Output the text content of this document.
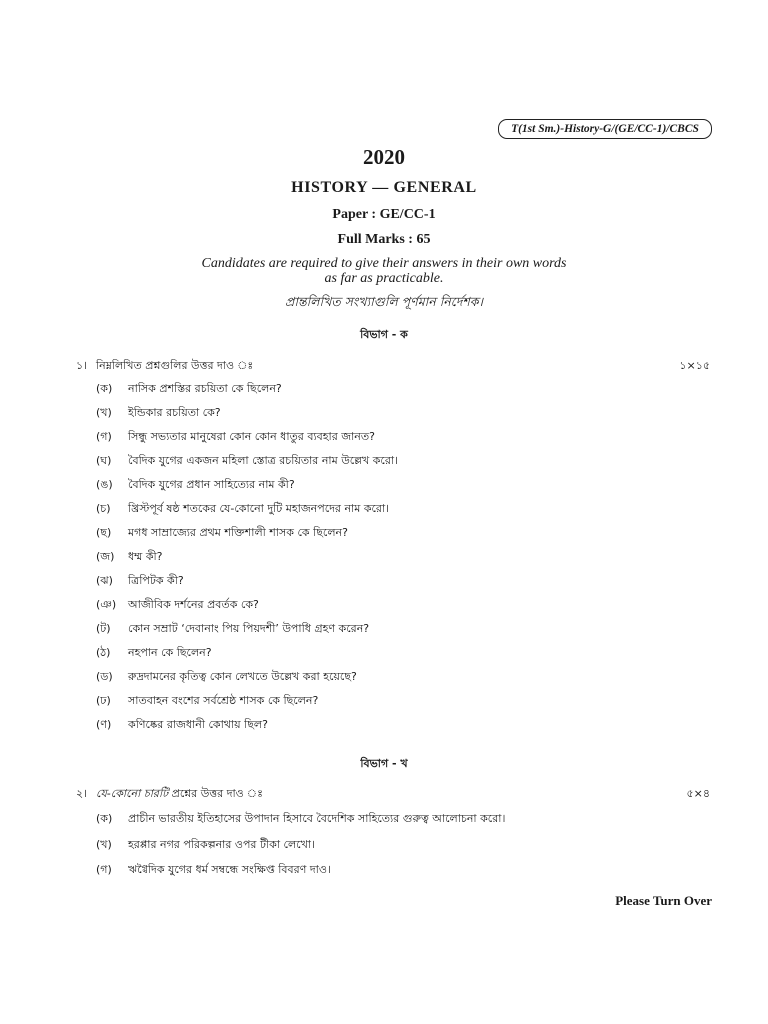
T(1st Sm.)-History-G/(GE/CC-1)/CBCS
2020
HISTORY — GENERAL
Paper : GE/CC-1
Full Marks : 65
Candidates are required to give their answers in their own words
as far as practicable.
প্রান্তলিখিত সংখ্যাগুলি পূর্ণমান নির্দেশক।
বিভাগ - ক
১। নিম্নলিখিত প্রশ্নগুলির উত্তর দাও ঃ	১×১৫
(ক) নাসিক প্রশস্তির রচয়িতা কে ছিলেন?
(খ) ইন্ডিকার রচয়িতা কে?
(গ) সিন্ধু সভ্যতার মানুষেরা কোন কোন ধাতুর ব্যবহার জানত?
(ঘ) বৈদিক যুগের একজন মহিলা স্তোত্র রচয়িতার নাম উল্লেখ করো।
(ঙ) বৈদিক যুগের প্রধান সাহিত্যের নাম কী?
(চ) খ্রিস্টপূর্ব ষষ্ঠ শতকের যে-কোনো দুটি মহাজনপদের নাম করো।
(ছ) মগধ সাম্রাজ্যের প্রথম শক্তিশালী শাসক কে ছিলেন?
(জ) ধম্ম কী?
(ঝ) ত্রিপিটক কী?
(ঞ) আজীবিক দর্শনের প্রবর্তক কে?
(ট) কোন সম্রাট ‘দেবানাং পিয় পিয়দশী’ উপাধি গ্রহণ করেন?
(ঠ) নহপান কে ছিলেন?
(ড) রুদ্রদামনের কৃতিত্ব কোন লেখতে উল্লেখ করা হয়েছে?
(ঢ) সাতবাহন বংশের সর্বশ্রেষ্ঠ শাসক কে ছিলেন?
(ণ) কণিষ্কের রাজধানী কোথায় ছিল?
বিভাগ - খ
২। যে-কোনো চারটি প্রশ্নের উত্তর দাও ঃ	৫×৪
(ক) প্রাচীন ভারতীয় ইতিহাসের উপাদান হিসাবে বৈদেশিক সাহিত্যের গুরুত্ব আলোচনা করো।
(খ) হরপ্পার নগর পরিকল্পনার ওপর টীকা লেখো।
(গ) ঋগ্বৈদিক যুগের ধর্ম সম্বন্ধে সংক্ষিপ্ত বিবরণ দাও।
Please Turn Over
